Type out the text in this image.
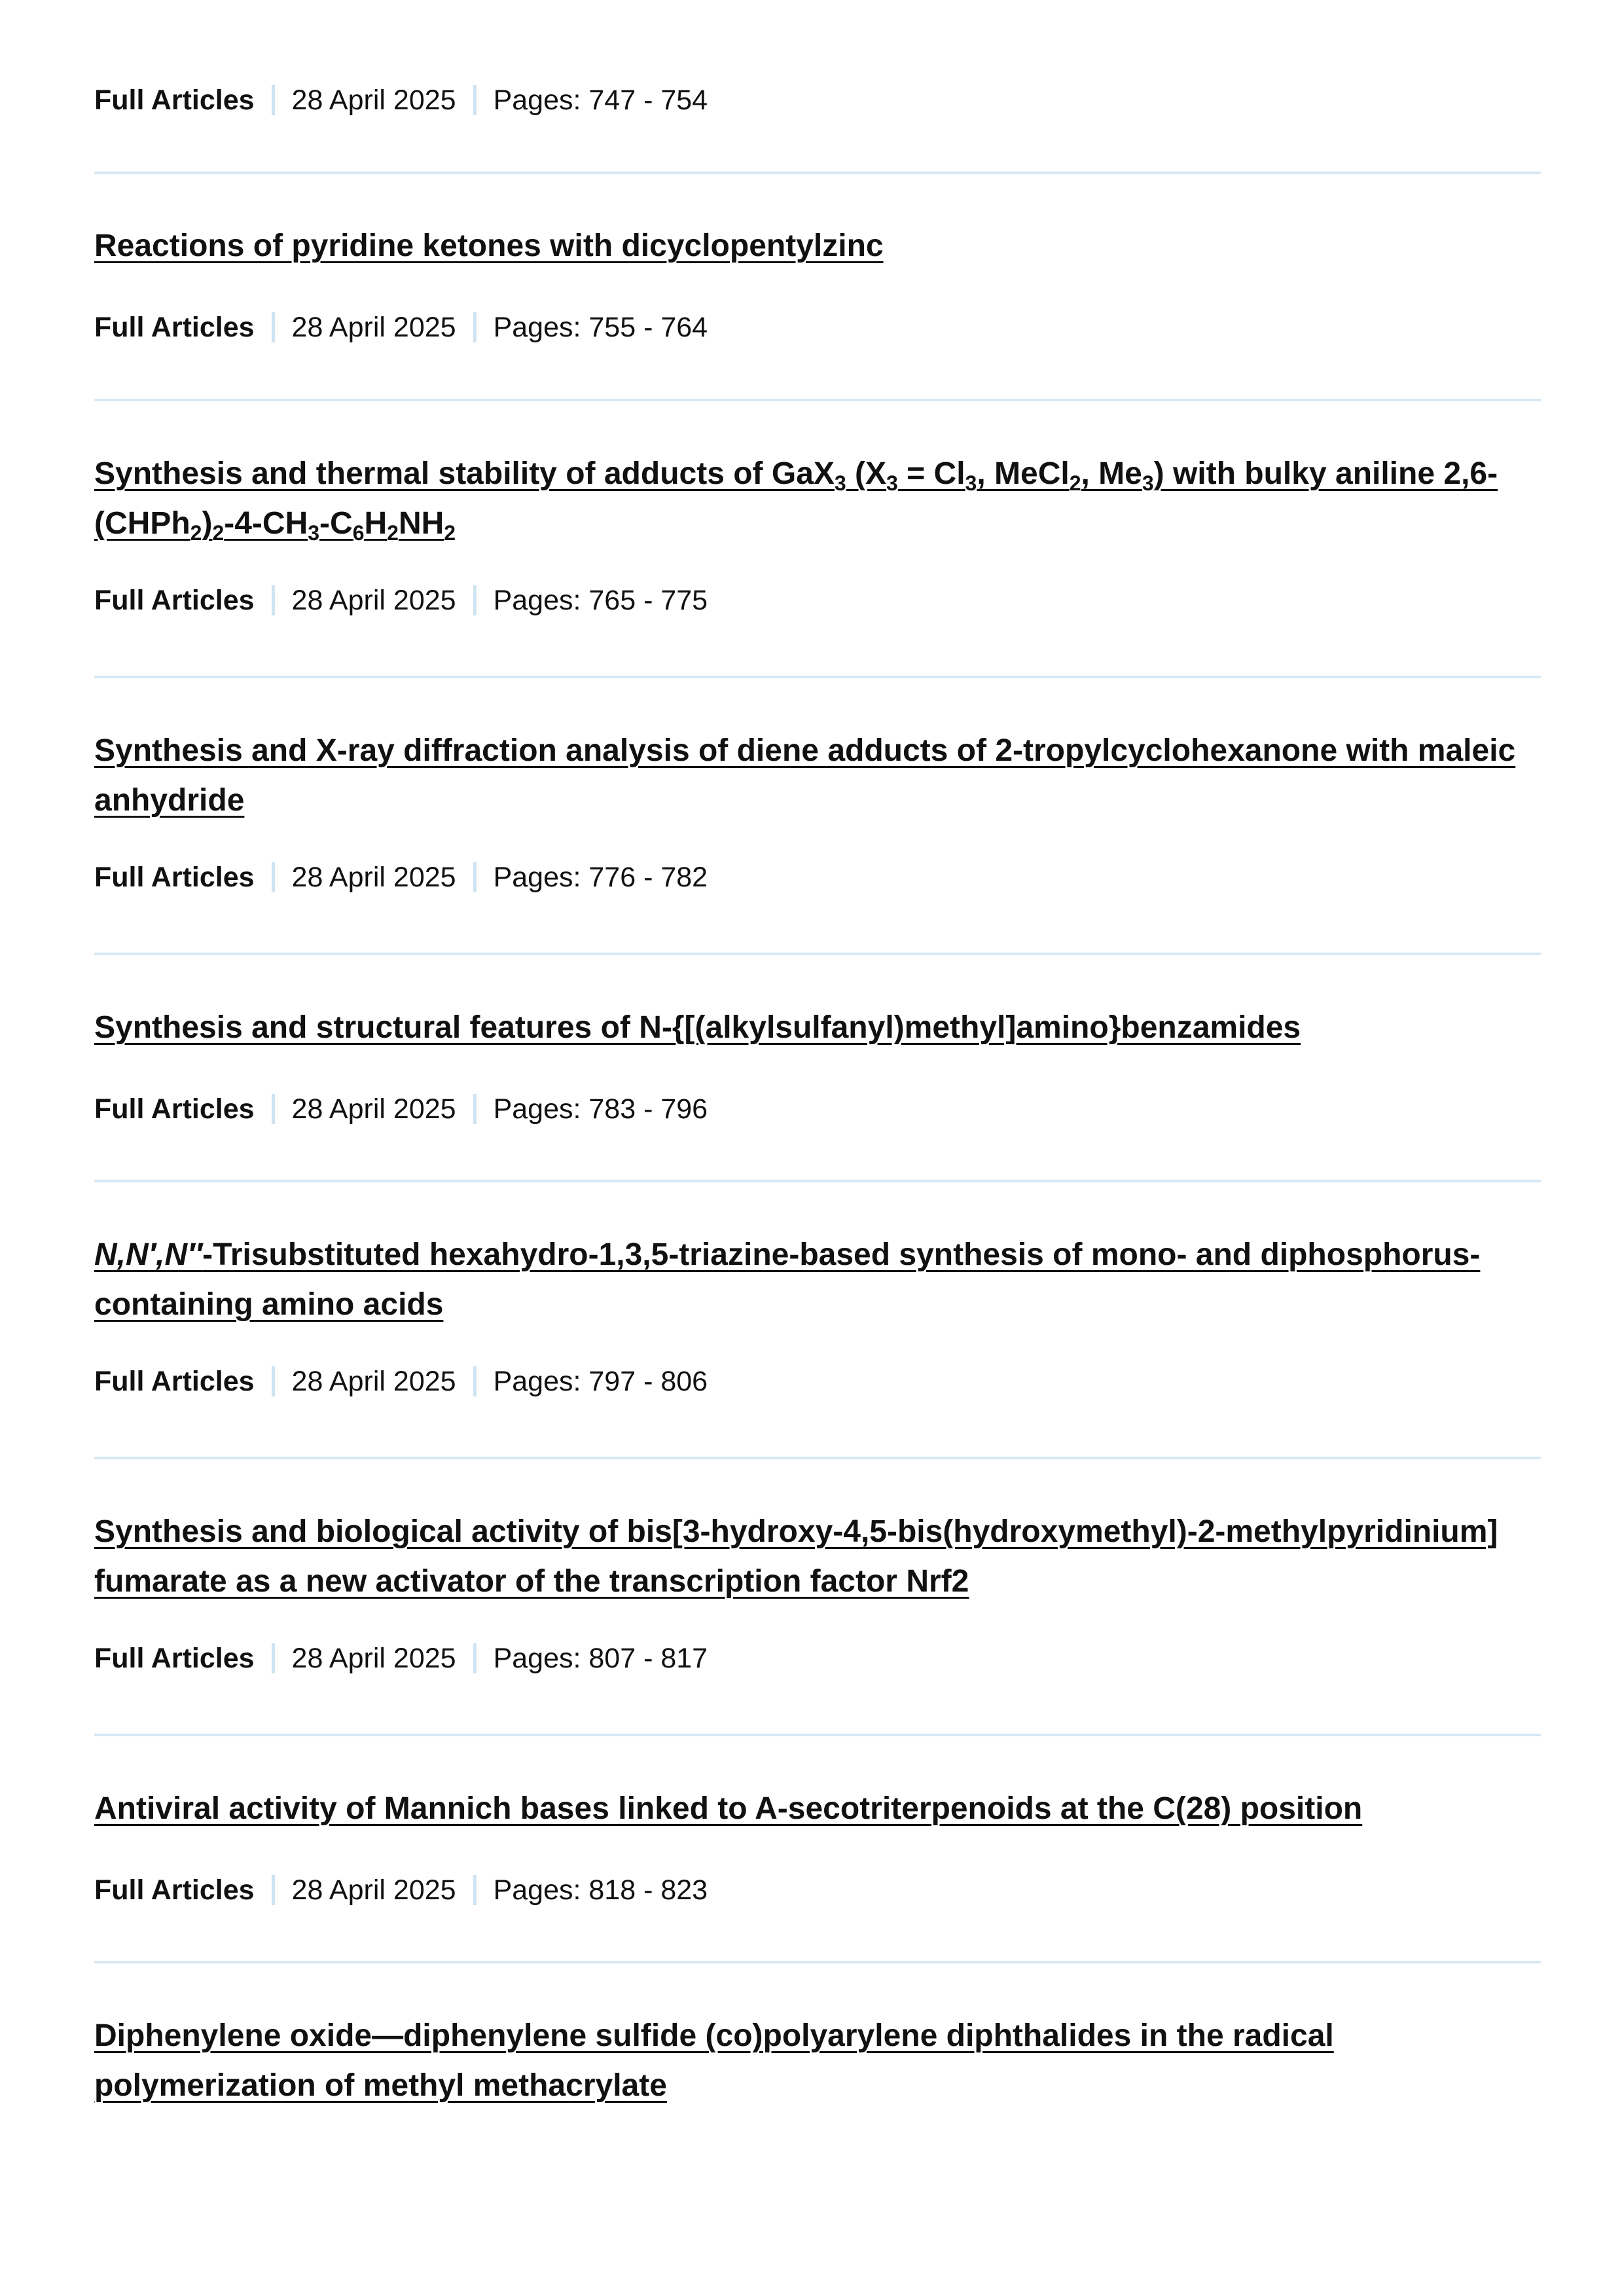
Full Articles 28 April 2025 Pages: 747 - 754
Reactions of pyridine ketones with dicyclopentylzinc
Full Articles 28 April 2025 Pages: 755 - 764
Synthesis and thermal stability of adducts of GaX$_3$ ($X_3 = Cl_3$, MeCl$_2$, $Me_3$) with bulky aniline $2,6-(CHPh_2)_2-4-CH_3-C_6H_2NH_2$
Full Articles 28 April 2025 Pages: 765 - 775
Synthesis and X-ray diffraction analysis of diene adducts of 2-tropylcyclohexanone with maleic anhydride
Full Articles 28 April 2025 Pages: 776 - 782
Synthesis and structural features of N-{[(alkylsulfanyl)methyl]amino}benzamides
Full Articles 28 April 2025 Pages: 783 - 796
N,N′,N″-Trisubstituted hexahydro-1,3,5-triazine-based synthesis of mono- and diphosphorus-containing amino acids
Full Articles 28 April 2025 Pages: 797 - 806
Synthesis and biological activity of bis[3-hydroxy-4,5-bis(hydroxymethyl)-2-methylpyridinium] fumarate as a new activator of the transcription factor Nrf2
Full Articles 28 April 2025 Pages: 807 - 817
Antiviral activity of Mannich bases linked to A-secotriterpenoids at the C(28) position
Full Articles 28 April 2025 Pages: 818 - 823
Diphenylene oxide—diphenylene sulfide (co)polyarylene diphthalides in the radical polymerization of methyl methacrylate
